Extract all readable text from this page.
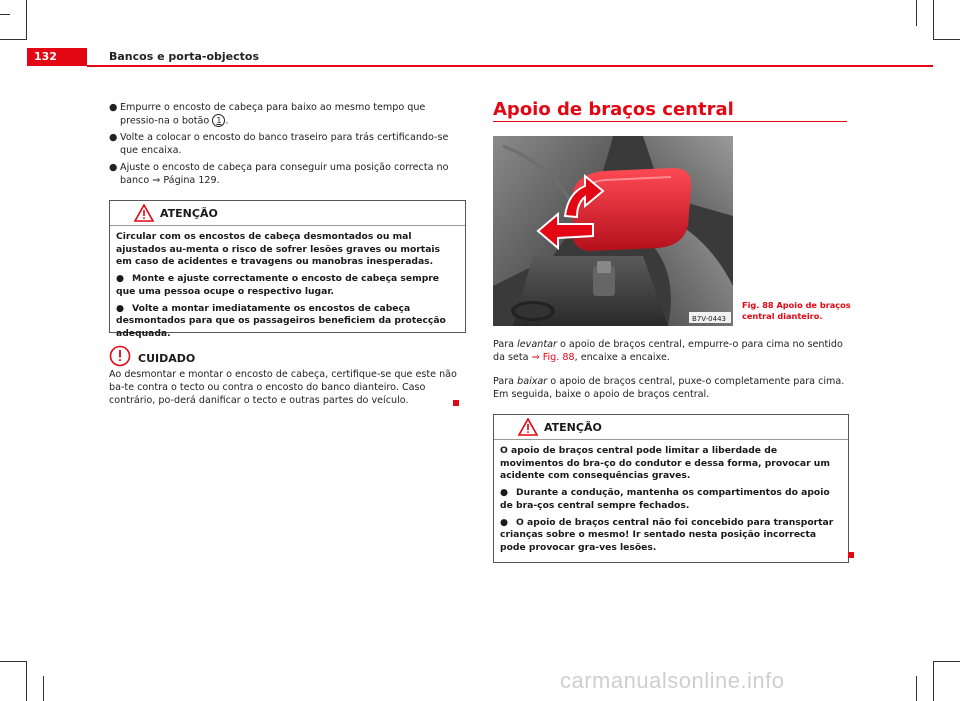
132	Bancos e porta-objectos
● Empurre o encosto de cabeça para baixo ao mesmo tempo que pressio-na o botão 1 .
● Volte a colocar o encosto do banco traseiro para trás certificando-se que encaixa.
● Ajuste o encosto de cabeça para conseguir uma posição correcta no banco ⇒ Página 129.
ATENÇÃO

Circular com os encostos de cabeça desmontados ou mal ajustados au-menta o risco de sofrer lesões graves ou mortais em caso de acidentes e travagens ou manobras inesperadas.

● Monte e ajuste correctamente o encosto de cabeça sempre que uma pessoa ocupe o respectivo lugar.

● Volte a montar imediatamente os encostos de cabeça desmontados para que os passageiros beneficiem da protecção adequada.

CUIDADO
Ao desmontar e montar o encosto de cabeça, certifique-se que este não ba-te contra o tecto ou contra o encosto do banco dianteiro. Caso contrário, po-derá danificar o tecto e outras partes do veículo.
Apoio de braços central
B7V-0443
Fig. 88 Apoio de braços central dianteiro.
Para levantar o apoio de braços central, empurre-o para cima no sentido da seta ⇒ Fig. 88, encaixe a encaixe.
Para baixar o apoio de braços central, puxe-o completamente para cima. Em seguida, baixe o apoio de braços central.
ATENÇÃO

O apoio de braços central pode limitar a liberdade de movimentos do bra-ço do condutor e dessa forma, provocar um acidente com consequências graves.

● Durante a condução, mantenha os compartimentos do apoio de bra-ços central sempre fechados.

● O apoio de braços central não foi concebido para transportar crianças sobre o mesmo! Ir sentado nesta posição incorrecta pode provocar gra-ves lesões.

carmanualsonline.info
